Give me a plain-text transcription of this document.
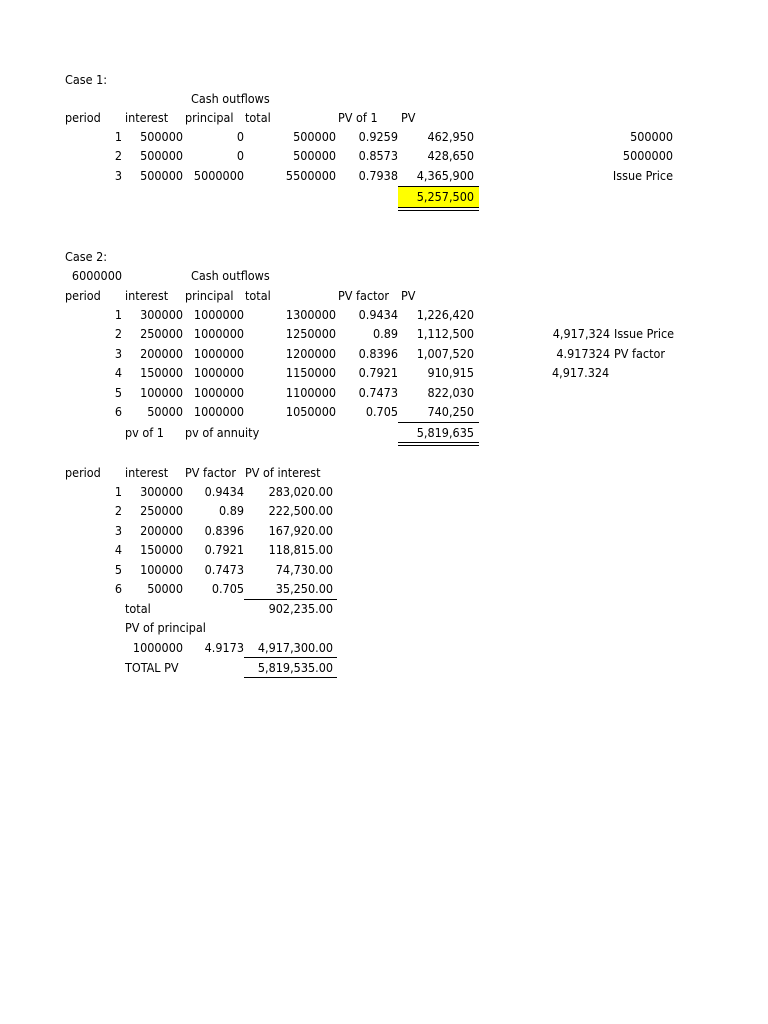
Case 1:
Cash outflows
period interest principal total	PV of 1 PV
1	500000	0	500000	0.9259	462,950	500000
2	500000	0	500000	0.8573	428,650	5000000
3	500000 5000000	5500000	0.7938	4,365,900	Issue Price
5,257,500
Case 2:
6000000	Cash outflows
period interest principal total	PV factor PV
1	300000 1000000	1300000	0.9434	1,226,420
2	250000 1000000	1250000	0.89	1,112,500	4,917,324 Issue Price
3	200000 1000000	1200000	0.8396	1,007,520	4.917324 PV factor
4	150000 1000000	1150000	0.7921	910,915	4,917.324
5	100000 1000000	1100000	0.7473	822,030
6	50000 1000000	1050000	0.705	740,250
pv of 1 pv of annuity	5,819,635
period interest PV factor PV of interest
1	300000	0.9434	283,020.00
2	250000	0.89	222,500.00
3	200000	0.8396	167,920.00
4	150000	0.7921	118,815.00
5	100000	0.7473	74,730.00
6	50000	0.705	35,250.00
total	902,235.00
PV of principal
1000000	4.9173	4,917,300.00
TOTAL PV	5,819,535.00
